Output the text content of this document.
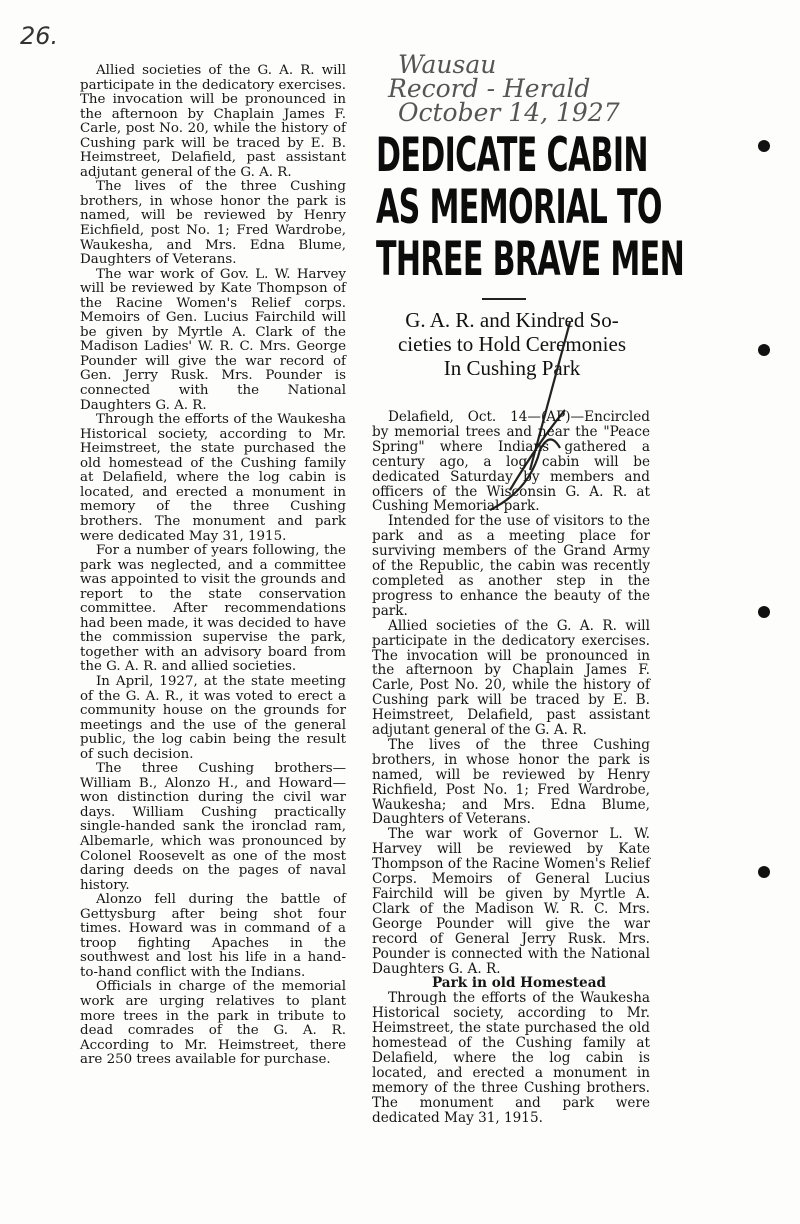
26.
Wausau
Record - Herald
October 14, 1927

Allied societies of the G. A. R. will participate in the dedicatory exercises. The invocation will be pronounced in the afternoon by Chaplain James F. Carle, post No. 20, while the history of Cushing park will be traced by E. B. Heimstreet, Delafield, past assistant adjutant general of the G. A. R.

The lives of the three Cushing brothers, in whose honor the park is named, will be reviewed by Henry Eichfield, post No. 1; Fred Wardrobe, Waukesha, and Mrs. Edna Blume, Daughters of Veterans.

The war work of Gov. L. W. Harvey will be reviewed by Kate Thompson of the Racine Women's Relief corps. Memoirs of Gen. Lucius Fairchild will be given by Myrtle A. Clark of the Madison Ladies' W. R. C. Mrs. George Pounder will give the war record of Gen. Jerry Rusk. Mrs. Pounder is connected with the National Daughters G. A. R.

Through the efforts of the Waukesha Historical society, according to Mr. Heimstreet, the state purchased the old homestead of the Cushing family at Delafield, where the log cabin is located, and erected a monument in memory of the three Cushing brothers. The monument and park were dedicated May 31, 1915.

For a number of years following, the park was neglected, and a committee was appointed to visit the grounds and report to the state conservation committee. After recommendations had been made, it was decided to have the commission supervise the park, together with an advisory board from the G. A. R. and allied societies.

In April, 1927, at the state meeting of the G. A. R., it was voted to erect a community house on the grounds for meetings and the use of the general public, the log cabin being the result of such decision.

The three Cushing brothers—William B., Alonzo H., and Howard—won distinction during the civil war days. William Cushing practically single-handed sank the ironclad ram, Albemarle, which was pronounced by Colonel Roosevelt as one of the most daring deeds on the pages of naval history.

Alonzo fell during the battle of Gettysburg after being shot four times. Howard was in command of a troop fighting Apaches in the southwest and lost his life in a hand-to-hand conflict with the Indians.

Officials in charge of the memorial work are urging relatives to plant more trees in the park in tribute to dead comrades of the G. A. R. According to Mr. Heimstreet, there are 250 trees available for purchase.

DEDICATE CABIN
AS MEMORIAL TO
THREE BRAVE MEN
G. A. R. and Kindred So-
cieties to Hold Ceremonies
In Cushing Park

Delafield, Oct. 14—(AP)—Encircled by memorial trees and near the "Peace Spring" where Indians gathered a century ago, a log cabin will be dedicated Saturday by members and officers of the Wisconsin G. A. R. at Cushing Memorial park.

Intended for the use of visitors to the park and as a meeting place for surviving members of the Grand Army of the Republic, the cabin was recently completed as another step in the progress to enhance the beauty of the park.

Allied societies of the G. A. R. will participate in the dedicatory exercises. The invocation will be pronounced in the afternoon by Chaplain James F. Carle, Post No. 20, while the history of Cushing park will be traced by E. B. Heimstreet, Delafield, past assistant adjutant general of the G. A. R.

The lives of the three Cushing brothers, in whose honor the park is named, will be reviewed by Henry Richfield, Post No. 1; Fred Wardrobe, Waukesha; and Mrs. Edna Blume, Daughters of Veterans.

The war work of Governor L. W. Harvey will be reviewed by Kate Thompson of the Racine Women's Relief Corps. Memoirs of General Lucius Fairchild will be given by Myrtle A. Clark of the Madison W. R. C. Mrs. George Pounder will give the war record of General Jerry Rusk. Mrs. Pounder is connected with the National Daughters G. A. R.

Park in old Homestead

Through the efforts of the Waukesha Historical society, according to Mr. Heimstreet, the state purchased the old homestead of the Cushing family at Delafield, where the log cabin is located, and erected a monument in memory of the three Cushing brothers. The monument and park were dedicated May 31, 1915.
